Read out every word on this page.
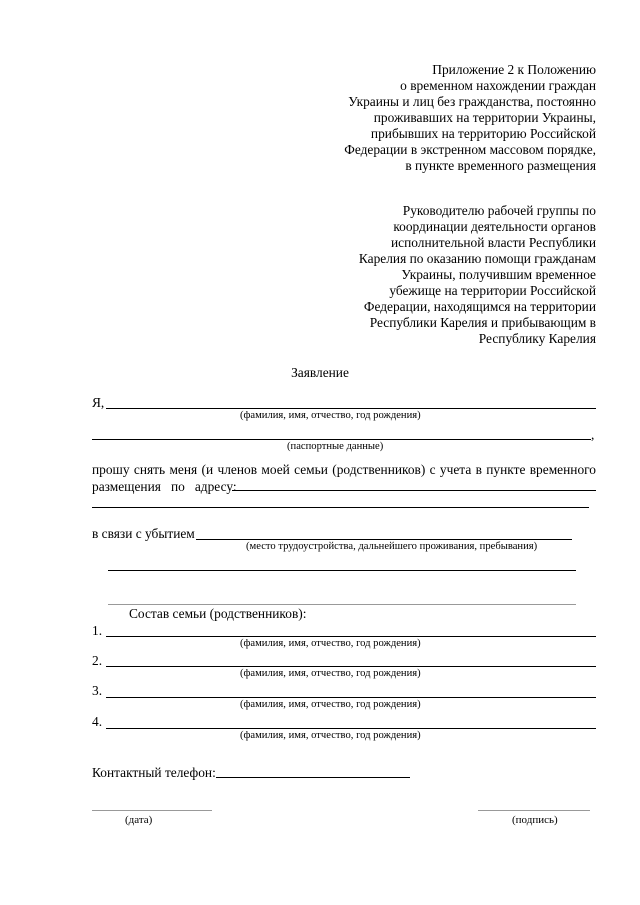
Приложение 2 к Положению
о временном нахождении граждан
Украины и лиц без гражданства, постоянно
проживавших на территории Украины,
прибывших на территорию Российской
Федерации в экстренном массовом порядке,
в пункте временного размещения
Руководителю рабочей группы по
координации деятельности органов
исполнительной власти Республики
Карелия по оказанию помощи гражданам
Украины, получившим временное
убежище на территории Российской
Федерации, находящимся на территории
Республики Карелия и прибывающим в
Республику Карелия
Заявление
Я,
(фамилия, имя, отчество, год рождения)
,
(паспортные данные)
прошу снять меня (и членов моей семьи (родственников) с учета в пункте временного
размещения   по   адресу:
в связи с убытием
(место трудоустройства, дальнейшего проживания, пребывания)
Состав семьи (родственников):
1.
(фамилия, имя, отчество, год рождения)
2.
(фамилия, имя, отчество, год рождения)
3.
(фамилия, имя, отчество, год рождения)
4.
(фамилия, имя, отчество, год рождения)
Контактный телефон:
(дата)	(подпись)
